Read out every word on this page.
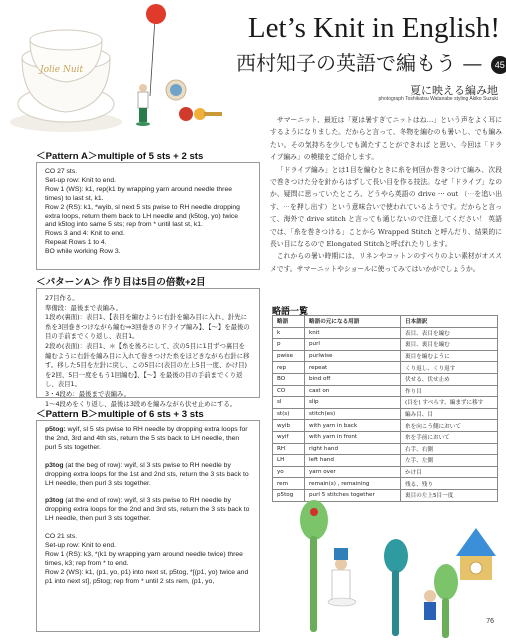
Jolie Nuit
Let’s Knit in English!
西村知子の英語で編もう — 45
夏に映える編み地
photograph Toshikatsu Watanabe styling Akiko Suzuki

サマーニット、最近は「夏は暑すぎてニットはね…」という声をよく耳にするようになりました。だからと言って、冬物を編むのも暑いし、でも編みたい。その気持ちを少しでも満たすことができれば と思い、今回は「ドライブ編み」の模様をご紹介します。

「ドライブ編み」とは1目を編むときに糸を何回か巻きつけて編み、次段で巻きつけた分を針からはずして長い目を作る技法。なぜ「ドライブ」なのか、疑問に思っていたところ、どうやら英語の drive ⋯ out （⋯を追い出す、⋯を押し出す）という意味合いで使われているようです。だからと言って、海外で drive stitch と言っても通じないので注意してください！ 英語では、「糸を巻きつける」ことから Wrapped Stitch と呼んだり、結果的に長い目になるので Elongated Stitchと呼ばれたりします。

これからの暑い時期には、リネンやコットンのすべりのよい素材がオススメです。サマーニットやショールに使ってみてはいかがでしょうか。

＜Pattern A＞multiple of 5 sts + 2 sts
CO 27 sts.
Set-up row: Knit to end.
Row 1 (WS): k1, rep(k1 by wrapping yarn around needle three times) to last st, k1.
Row 2 (RS): k1, *wyib, sl next 5 sts pwise to RH needle dropping extra loops, return them back to LH needle and (k5tog, yo) twice and k5tog into same 5 sts; rep from * until last st, k1.
Rows 3 and 4: Knit to end.
Repeat Rows 1 to 4.
BO while working Row 3.
＜パターンA＞ 作り目は5目の倍数+2目
27目作る。
準備段：最後まで表編み。
1段め(裏面)：表目1、【表目を編むように右針を編み目に入れ、針先に糸を3回巻きつけながら編む⇒3回巻きのドライブ編み】、【〜】を最後の目の手前までくり返し、表目1。
2段め(表面)：表目1、＊【糸を後ろにして、次の5目に1目ずつ裏目を編むように右針を編み目に入れて巻きつけた糸をほどきながら右針に移す。移した5目を左針に戻し、この5目に(表目の左上5目一度、かけ目)を2回、5目一度をもう1回編む】、【〜】を最後の目の手前までくり返し、表目1。
3・4段め：最後まで表編み。
1〜4段めをくり返し、最後は3段めを編みながら伏せ止めにする。
＜Pattern B＞multiple of 6 sts + 3 sts
p5tog: wyif, sl 5 sts pwise to RH needle by dropping extra loops for the 2nd, 3rd and 4th sts, return the 5 sts back to LH needle, then purl 5 sts together.
p3tog (at the beg of row): wyif, sl 3 sts pwise to RH needle by dropping extra loops for the 1st and 2nd sts, return the 3 sts back to LH needle, then purl 3 sts together.
p3tog (at the end of row): wyif, sl 3 sts pwise to RH needle by dropping extra loops for the 2nd and 3rd sts, return the 3 sts back to LH needle, then purl 3 sts together.
CO 21 sts.
Set-up row: Knit to end.
Row 1 (RS): k3, *(k1 by wrapping yarn around needle twice) three times, k3; rep from * to end.
Row 2 (WS): k1, (p1, yo, p1) into next st, p5tog, *[(p1, yo) twice and p1 into next st], p5tog; rep from * until 2 sts rem, (p1, yo,
略語一覧
略語	略語の元になる用語	日本語訳
k	knit	表目、表目を編む
p	purl	裏目、裏目を編む
pwise	purlwise	裏目を編むように
rep	repeat	くり返し、くり返す
BO	bind off	伏せる、伏せ止め
CO	cast on	作り目
sl	slip	(目を) すべらす、編まずに移す
st(s)	stitch(es)	編み目、目
wyib	with yarn in back	糸を向こう側において
wyif	with yarn in front	糸を手前において
RH	right hand	右手、右側
LH	left hand	左手、左側
yo	yarn over	かけ目
rem	remain(s) , remaining	残る、残り
p5tog	purl 5 stitches together	裏目の左上5目一度
76
